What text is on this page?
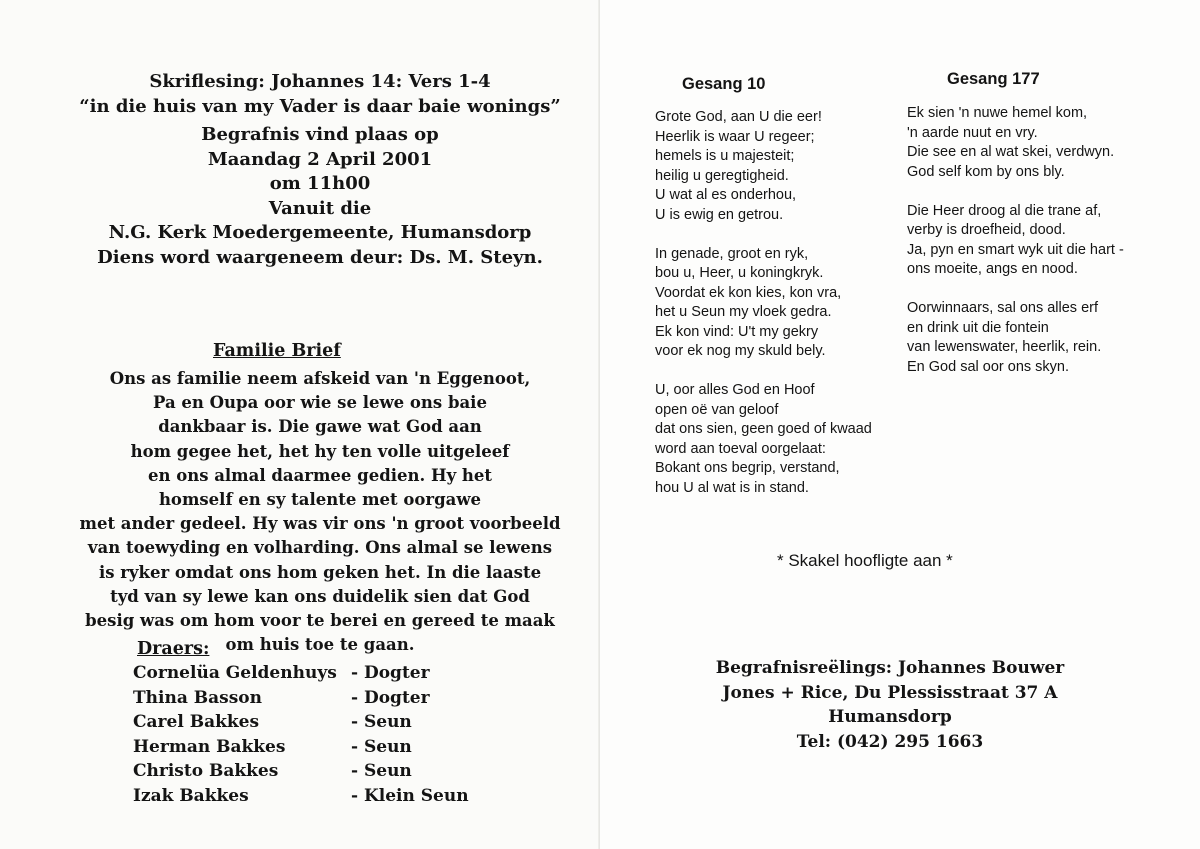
Skriflesing: Johannes 14: Vers 1-4
“in die huis van my Vader is daar baie wonings”
Begrafnis vind plaas op
Maandag 2 April 2001
om 11h00
Vanuit die
N.G. Kerk Moedergemeente, Humansdorp
Diens word waargeneem deur: Ds. M. Steyn.
Familie Brief
Ons as familie neem afskeid van 'n Eggenoot,
Pa en Oupa oor wie se lewe ons baie
dankbaar is. Die gawe wat God aan
hom gegee het, het hy ten volle uitgeleef
en ons almal daarmee gedien. Hy het
homself en sy talente met oorgawe
met ander gedeel. Hy was vir ons 'n groot voorbeeld
van toewyding en volharding. Ons almal se lewens
is ryker omdat ons hom geken het. In die laaste
tyd van sy lewe kan ons duidelik sien dat God
besig was om hom voor te berei en gereed te maak
om huis toe te gaan.
Draers:
Cornelüa Geldenhuys - Dogter
Thina Basson	- Dogter
Carel Bakkes	- Seun
Herman Bakkes	- Seun
Christo Bakkes	- Seun
Izak Bakkes	- Klein Seun
Gesang 10
Grote God, aan U die eer!
Heerlik is waar U regeer;
hemels is u majesteit;
heilig u geregtigheid.
U wat al es onderhou,
U is ewig en getrou.
In genade, groot en ryk,
bou u, Heer, u koningkryk.
Voordat ek kon kies, kon vra,
het u Seun my vloek gedra.
Ek kon vind: U't my gekry
voor ek nog my skuld bely.
U, oor alles God en Hoof
open oë van geloof
dat ons sien, geen goed of kwaad
word aan toeval oorgelaat:
Bokant ons begrip, verstand,
hou U al wat is in stand.
Gesang 177
Ek sien 'n nuwe hemel kom,
'n aarde nuut en vry.
Die see en al wat skei, verdwyn.
God self kom by ons bly.
Die Heer droog al die trane af,
verby is droefheid, dood.
Ja, pyn en smart wyk uit die hart -
ons moeite, angs en nood.
Oorwinnaars, sal ons alles erf
en drink uit die fontein
van lewenswater, heerlik, rein.
En God sal oor ons skyn.
* Skakel hoofligte aan *
Begrafnisreëlings: Johannes Bouwer
Jones + Rice, Du Plessisstraat 37 A
Humansdorp
Tel: (042) 295 1663
